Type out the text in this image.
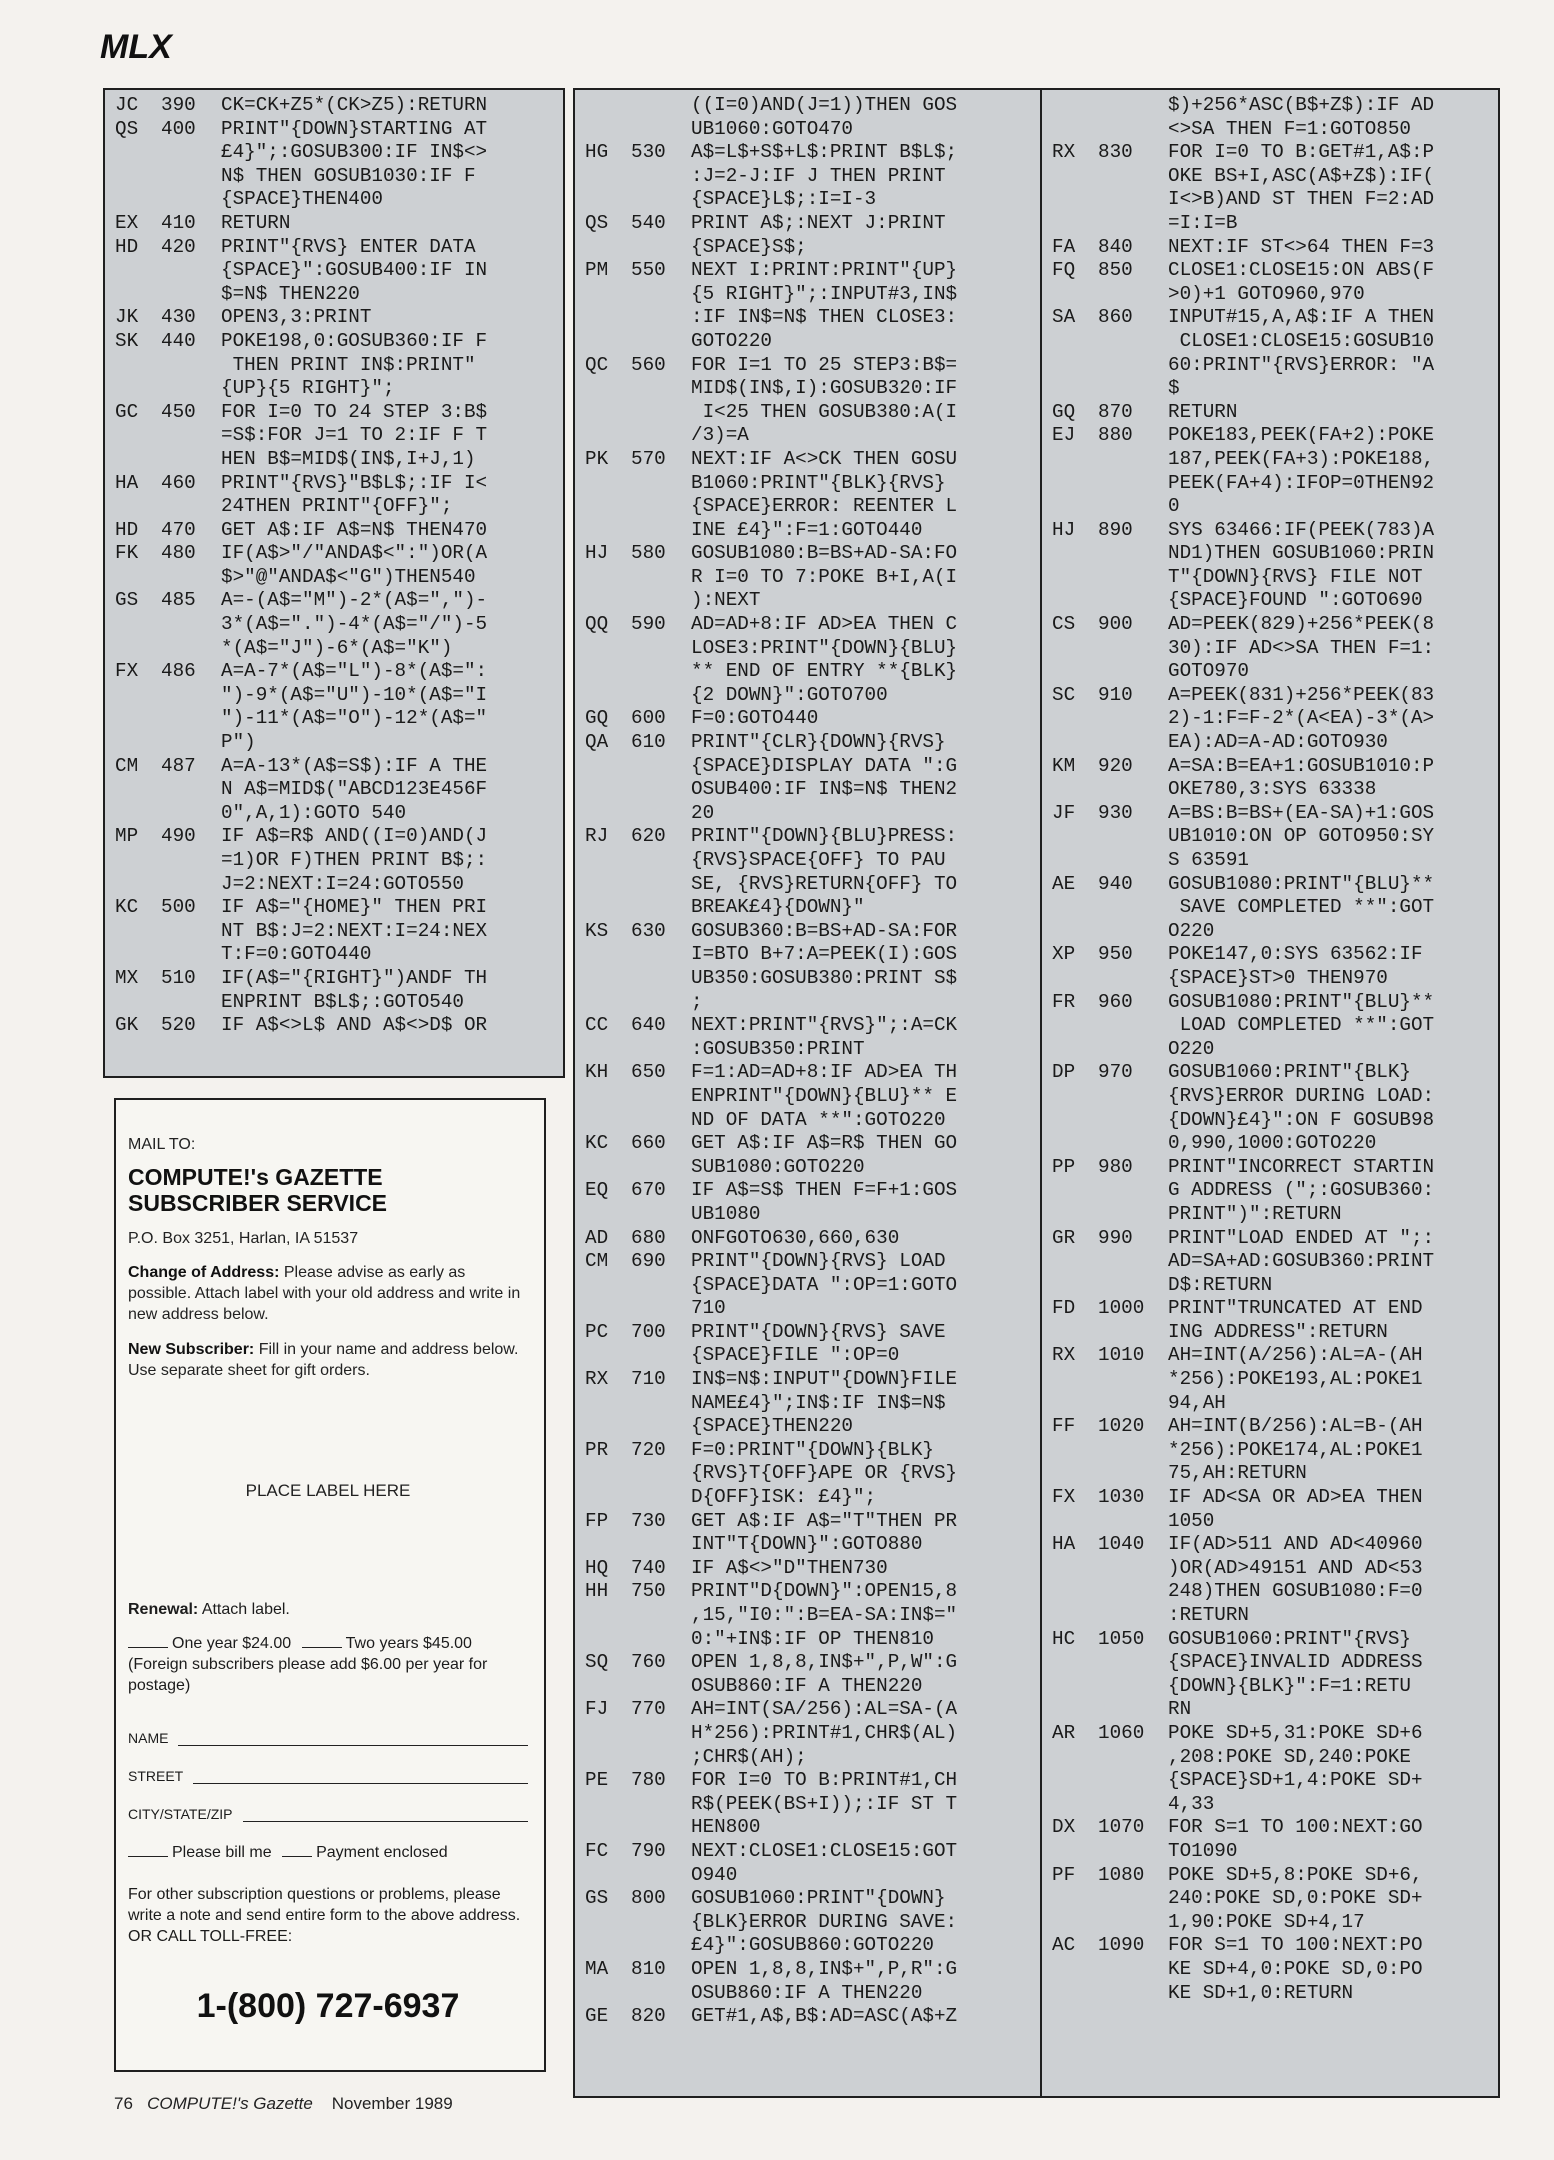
MLX
JC	390	CK=CK+Z5*(CK>Z5):RETURN
QS	400	PRINT"{DOWN}STARTING AT
£4}";:GOSUB300:IF IN$<>
N$ THEN GOSUB1030:IF F
{SPACE}THEN400
EX	410	RETURN
HD	420	PRINT"{RVS} ENTER DATA
{SPACE}":GOSUB400:IF IN
$=N$ THEN220
JK	430	OPEN3,3:PRINT
SK	440	POKE198,0:GOSUB360:IF F
THEN PRINT IN$:PRINT"
{UP}{5 RIGHT}";
GC	450	FOR I=0 TO 24 STEP 3:B$
=S$:FOR J=1 TO 2:IF F T
HEN B$=MID$(IN$,I+J,1)
HA	460	PRINT"{RVS}"B$L$;:IF I<
24THEN PRINT"{OFF}";
HD	470	GET A$:IF A$=N$ THEN470
FK	480	IF(A$>"/"ANDA$<":")OR(A
$>"@"ANDA$<"G")THEN540
GS	485	A=-(A$="M")-2*(A$=",")-
3*(A$=".")-4*(A$="/")-5
*(A$="J")-6*(A$="K")
FX	486	A=A-7*(A$="L")-8*(A$=":
")-9*(A$="U")-10*(A$="I
")-11*(A$="O")-12*(A$="
P")
CM	487	A=A-13*(A$=S$):IF A THE
N A$=MID$("ABCD123E456F
0",A,1):GOTO 540
MP	490	IF A$=R$ AND((I=0)AND(J
=1)OR F)THEN PRINT B$;:
J=2:NEXT:I=24:GOTO550
KC	500	IF A$="{HOME}" THEN PRI
NT B$:J=2:NEXT:I=24:NEX
T:F=0:GOTO440
MX	510	IF(A$="{RIGHT}")ANDF TH
ENPRINT B$L$;:GOTO540
GK	520	IF A$<>L$ AND A$<>D$ OR
((I=0)AND(J=1))THEN GOS
UB1060:GOTO470
HG	530	A$=L$+S$+L$:PRINT B$L$;
:J=2-J:IF J THEN PRINT
{SPACE}L$;:I=I-3
QS	540	PRINT A$;:NEXT J:PRINT
{SPACE}S$;
PM	550	NEXT I:PRINT:PRINT"{UP}
{5 RIGHT}";:INPUT#3,IN$
:IF IN$=N$ THEN CLOSE3:
GOTO220
QC	560	FOR I=1 TO 25 STEP3:B$=
MID$(IN$,I):GOSUB320:IF
I<25 THEN GOSUB380:A(I
/3)=A
PK	570	NEXT:IF A<>CK THEN GOSU
B1060:PRINT"{BLK}{RVS}
{SPACE}ERROR: REENTER L
INE £4}":F=1:GOTO440
HJ	580	GOSUB1080:B=BS+AD-SA:FO
R I=0 TO 7:POKE B+I,A(I
):NEXT
QQ	590	AD=AD+8:IF AD>EA THEN C
LOSE3:PRINT"{DOWN}{BLU}
** END OF ENTRY **{BLK}
{2 DOWN}":GOTO700
GQ	600	F=0:GOTO440
QA	610	PRINT"{CLR}{DOWN}{RVS}
{SPACE}DISPLAY DATA ":G
OSUB400:IF IN$=N$ THEN2
20
RJ	620	PRINT"{DOWN}{BLU}PRESS:
{RVS}SPACE{OFF} TO PAU
SE, {RVS}RETURN{OFF} TO
BREAK£4}{DOWN}"
KS	630	GOSUB360:B=BS+AD-SA:FOR
I=BTO B+7:A=PEEK(I):GOS
UB350:GOSUB380:PRINT S$
;
CC	640	NEXT:PRINT"{RVS}";:A=CK
:GOSUB350:PRINT
KH	650	F=1:AD=AD+8:IF AD>EA TH
ENPRINT"{DOWN}{BLU}** E
ND OF DATA **":GOTO220
KC	660	GET A$:IF A$=R$ THEN GO
SUB1080:GOTO220
EQ	670	IF A$=S$ THEN F=F+1:GOS
UB1080
AD	680	ONFGOTO630,660,630
CM	690	PRINT"{DOWN}{RVS} LOAD
{SPACE}DATA ":OP=1:GOTO
710
PC	700	PRINT"{DOWN}{RVS} SAVE
{SPACE}FILE ":OP=0
RX	710	IN$=N$:INPUT"{DOWN}FILE
NAME£4}";IN$:IF IN$=N$
{SPACE}THEN220
PR	720	F=0:PRINT"{DOWN}{BLK}
{RVS}T{OFF}APE OR {RVS}
D{OFF}ISK: £4}";
FP	730	GET A$:IF A$="T"THEN PR
INT"T{DOWN}":GOTO880
HQ	740	IF A$<>"D"THEN730
HH	750	PRINT"D{DOWN}":OPEN15,8
,15,"I0:":B=EA-SA:IN$="
0:"+IN$:IF OP THEN810
SQ	760	OPEN 1,8,8,IN$+",P,W":G
OSUB860:IF A THEN220
FJ	770	AH=INT(SA/256):AL=SA-(A
H*256):PRINT#1,CHR$(AL)
;CHR$(AH);
PE	780	FOR I=0 TO B:PRINT#1,CH
R$(PEEK(BS+I));:IF ST T
HEN800
FC	790	NEXT:CLOSE1:CLOSE15:GOT
O940
GS	800	GOSUB1060:PRINT"{DOWN}
{BLK}ERROR DURING SAVE:
£4}":GOSUB860:GOTO220
MA	810	OPEN 1,8,8,IN$+",P,R":G
OSUB860:IF A THEN220
GE	820	GET#1,A$,B$:AD=ASC(A$+Z
$)+256*ASC(B$+Z$):IF AD
<>SA THEN F=1:GOTO850
RX	830	FOR I=0 TO B:GET#1,A$:P
OKE BS+I,ASC(A$+Z$):IF(
I<>B)AND ST THEN F=2:AD
=I:I=B
FA	840	NEXT:IF ST<>64 THEN F=3
FQ	850	CLOSE1:CLOSE15:ON ABS(F
>0)+1 GOTO960,970
SA	860	INPUT#15,A,A$:IF A THEN
CLOSE1:CLOSE15:GOSUB10
60:PRINT"{RVS}ERROR: "A
$
GQ	870	RETURN
EJ	880	POKE183,PEEK(FA+2):POKE
187,PEEK(FA+3):POKE188,
PEEK(FA+4):IFOP=0THEN92
0
HJ	890	SYS 63466:IF(PEEK(783)A
ND1)THEN GOSUB1060:PRIN
T"{DOWN}{RVS} FILE NOT
{SPACE}FOUND ":GOTO690
CS	900	AD=PEEK(829)+256*PEEK(8
30):IF AD<>SA THEN F=1:
GOTO970
SC	910	A=PEEK(831)+256*PEEK(83
2)-1:F=F-2*(A<EA)-3*(A>
EA):AD=A-AD:GOTO930
KM	920	A=SA:B=EA+1:GOSUB1010:P
OKE780,3:SYS 63338
JF	930	A=BS:B=BS+(EA-SA)+1:GOS
UB1010:ON OP GOTO950:SY
S 63591
AE	940	GOSUB1080:PRINT"{BLU}**
SAVE COMPLETED **":GOT
O220
XP	950	POKE147,0:SYS 63562:IF
{SPACE}ST>0 THEN970
FR	960	GOSUB1080:PRINT"{BLU}**
LOAD COMPLETED **":GOT
O220
DP	970	GOSUB1060:PRINT"{BLK}
{RVS}ERROR DURING LOAD:
{DOWN}£4}":ON F GOSUB98
0,990,1000:GOTO220
PP	980	PRINT"INCORRECT STARTIN
G ADDRESS (";:GOSUB360:
PRINT")":RETURN
GR	990	PRINT"LOAD ENDED AT ";:
AD=SA+AD:GOSUB360:PRINT
D$:RETURN
FD	1000	PRINT"TRUNCATED AT END
ING ADDRESS":RETURN
RX	1010	AH=INT(A/256):AL=A-(AH
*256):POKE193,AL:POKE1
94,AH
FF	1020	AH=INT(B/256):AL=B-(AH
*256):POKE174,AL:POKE1
75,AH:RETURN
FX	1030	IF AD<SA OR AD>EA THEN
1050
HA	1040	IF(AD>511 AND AD<40960
)OR(AD>49151 AND AD<53
248)THEN GOSUB1080:F=0
:RETURN
HC	1050	GOSUB1060:PRINT"{RVS}
{SPACE}INVALID ADDRESS
{DOWN}{BLK}":F=1:RETU
RN
AR	1060	POKE SD+5,31:POKE SD+6
,208:POKE SD,240:POKE
{SPACE}SD+1,4:POKE SD+
4,33
DX	1070	FOR S=1 TO 100:NEXT:GO
TO1090
PF	1080	POKE SD+5,8:POKE SD+6,
240:POKE SD,0:POKE SD+
1,90:POKE SD+4,17
AC	1090	FOR S=1 TO 100:NEXT:PO
KE SD+4,0:POKE SD,0:PO
KE SD+1,0:RETURN
MAIL TO:
COMPUTE!'s GAZETTE
SUBSCRIBER SERVICE
P.O. Box 3251, Harlan, IA 51537
Change of Address: Please advise as early as possible. Attach label with your old address and write in new address below.
New Subscriber: Fill in your name and address below. Use separate sheet for gift orders.
PLACE LABEL HERE
Renewal: Attach label.
One year $24.00	Two years $45.00
(Foreign subscribers please add $6.00 per year for postage)
NAME
STREET
CITY/STATE/ZIP
Please bill me	Payment enclosed
For other subscription questions or problems, please write a note and send entire form to the above address. OR CALL TOLL-FREE:
1-(800) 727-6937
76 COMPUTE!'s Gazette November 1989
